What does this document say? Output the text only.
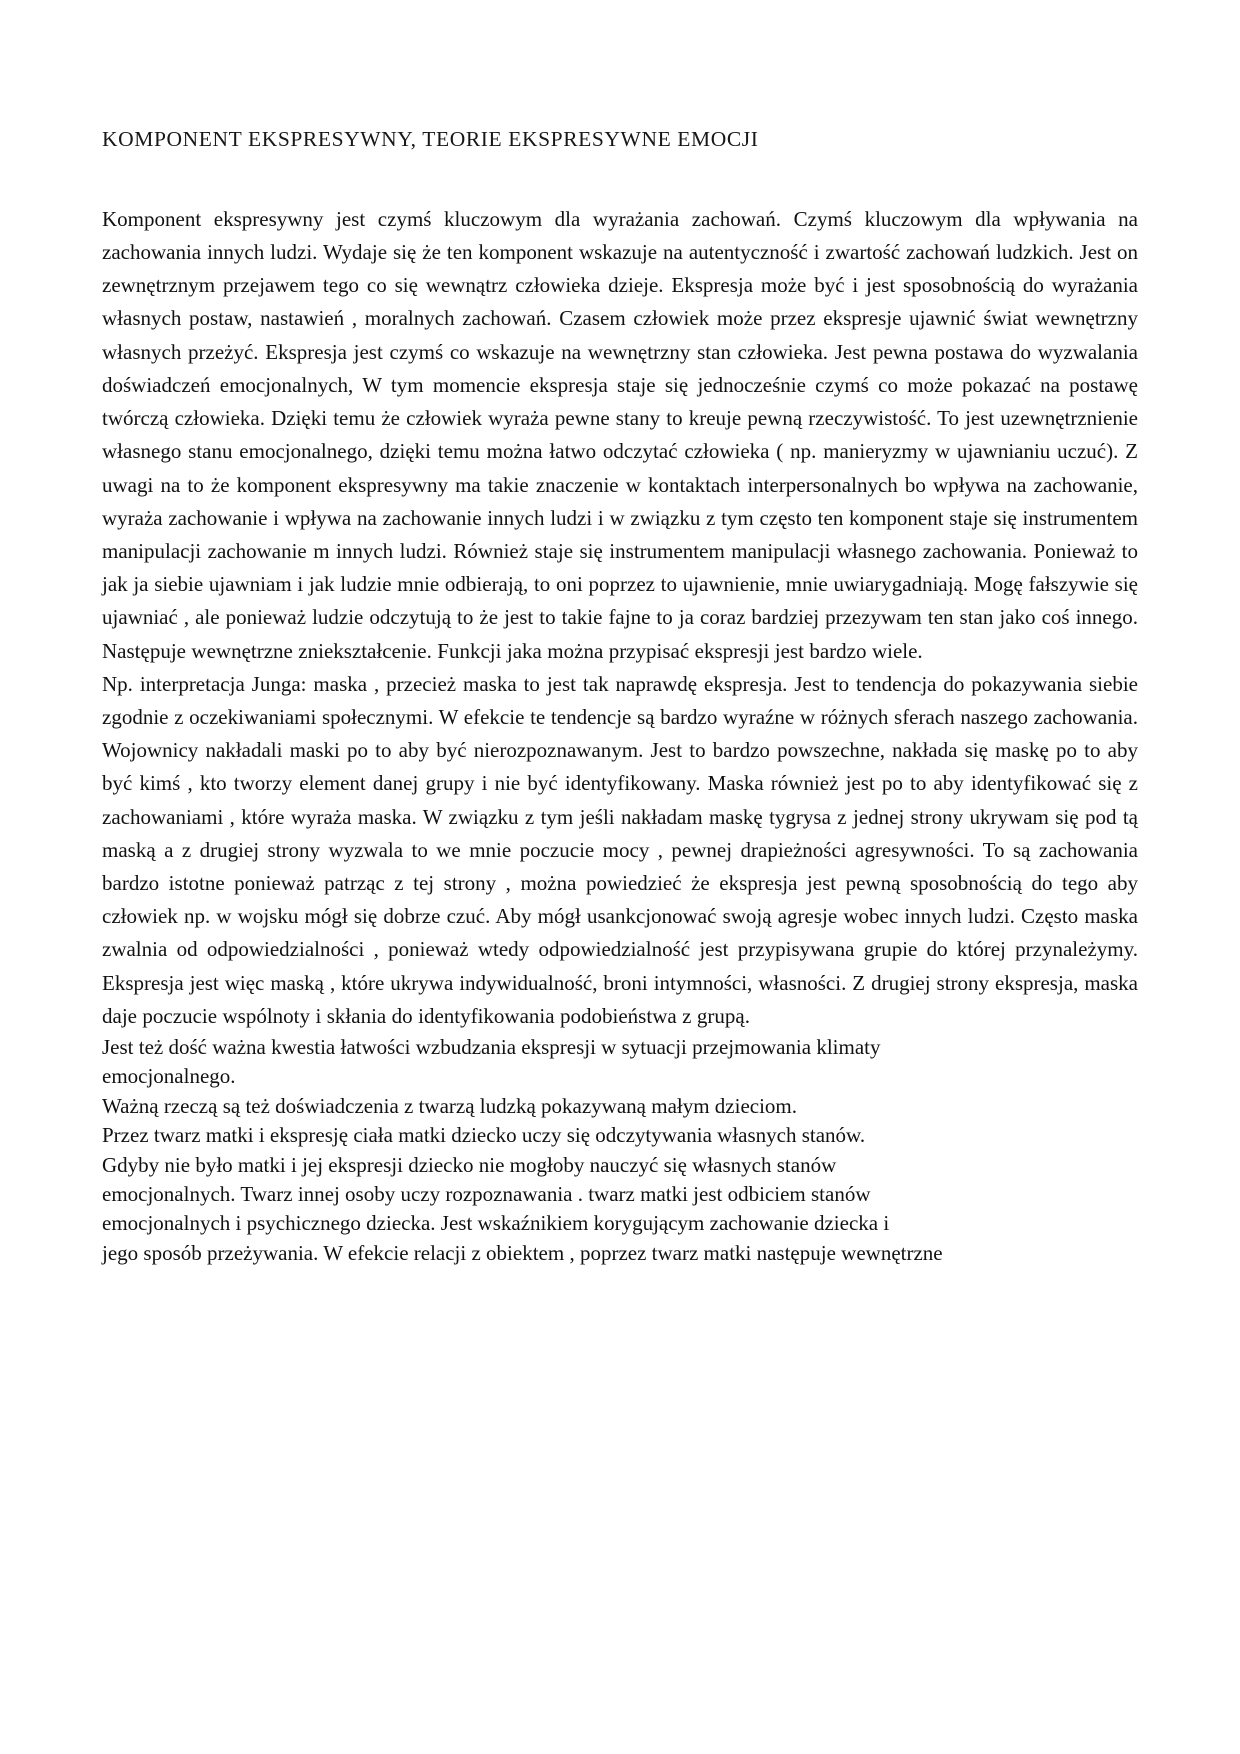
KOMPONENT EKSPRESYWNY, TEORIE EKSPRESYWNE EMOCJI

Komponent ekspresywny jest czymś kluczowym dla wyrażania zachowań. Czymś kluczowym dla wpływania na zachowania innych ludzi. Wydaje się że ten komponent wskazuje na autentyczność i zwartość zachowań ludzkich. Jest on zewnętrznym przejawem tego co się wewnątrz człowieka dzieje. Ekspresja może być i jest sposobnością do wyrażania własnych postaw, nastawień , moralnych zachowań. Czasem człowiek może przez ekspresje ujawnić świat wewnętrzny własnych przeżyć. Ekspresja jest czymś co wskazuje na wewnętrzny stan człowieka. Jest pewna postawa do wyzwalania doświadczeń emocjonalnych, W tym momencie ekspresja staje się jednocześnie czymś co może pokazać na postawę twórczą człowieka. Dzięki temu że człowiek wyraża pewne stany to kreuje pewną rzeczywistość. To jest uzewnętrznienie własnego stanu emocjonalnego, dzięki temu można łatwo odczytać człowieka ( np. manieryzmy w ujawnianiu uczuć). Z uwagi na to że komponent ekspresywny ma takie znaczenie w kontaktach interpersonalnych bo wpływa na zachowanie, wyraża zachowanie i wpływa na zachowanie innych ludzi i w związku z tym często ten komponent staje się instrumentem manipulacji zachowanie m innych ludzi. Również staje się instrumentem manipulacji własnego zachowania. Ponieważ to jak ja siebie ujawniam i jak ludzie mnie odbierają, to oni poprzez to ujawnienie, mnie uwiarygadniają. Mogę fałszywie się ujawniać , ale ponieważ ludzie odczytują to że jest to takie fajne to ja coraz bardziej przezywam ten stan jako coś innego. Następuje wewnętrzne zniekształcenie. Funkcji jaka można przypisać ekspresji jest bardzo wiele.

Np. interpretacja Junga: maska , przecież maska to jest tak naprawdę ekspresja. Jest to tendencja do pokazywania siebie zgodnie z oczekiwaniami społecznymi. W efekcie te tendencje są bardzo wyraźne w różnych sferach naszego zachowania. Wojownicy nakładali maski po to aby być nierozpoznawanym. Jest to bardzo powszechne, nakłada się maskę po to aby być kimś , kto tworzy element danej grupy i nie być identyfikowany. Maska również jest po to aby identyfikować się z zachowaniami , które wyraża maska. W związku z tym jeśli nakładam maskę tygrysa z jednej strony ukrywam się pod tą maską a z drugiej strony wyzwala to we mnie poczucie mocy , pewnej drapieżności agresywności. To są zachowania bardzo istotne ponieważ patrząc z tej strony , można powiedzieć że ekspresja jest pewną sposobnością do tego aby człowiek np. w wojsku mógł się dobrze czuć. Aby mógł usankcjonować swoją agresje wobec innych ludzi. Często maska zwalnia od odpowiedzialności , ponieważ wtedy odpowiedzialność jest przypisywana grupie do której przynależymy. Ekspresja jest więc maską , które ukrywa indywidualność, broni intymności, własności. Z drugiej strony ekspresja, maska daje poczucie wspólnoty i skłania do identyfikowania podobieństwa z grupą.

Jest też dość ważna kwestia łatwości wzbudzania ekspresji w sytuacji przejmowania klimaty
emocjonalnego.
Ważną rzeczą są też doświadczenia z twarzą ludzką pokazywaną małym dzieciom.
Przez twarz matki i ekspresję ciała matki dziecko uczy się odczytywania własnych stanów.
Gdyby nie było matki i jej ekspresji dziecko nie mogłoby nauczyć się własnych stanów
emocjonalnych. Twarz innej osoby uczy rozpoznawania . twarz matki jest odbiciem stanów
emocjonalnych i psychicznego dziecka. Jest wskaźnikiem korygującym zachowanie dziecka i
jego sposób przeżywania. W efekcie relacji z obiektem , poprzez twarz matki następuje wewnętrzne
